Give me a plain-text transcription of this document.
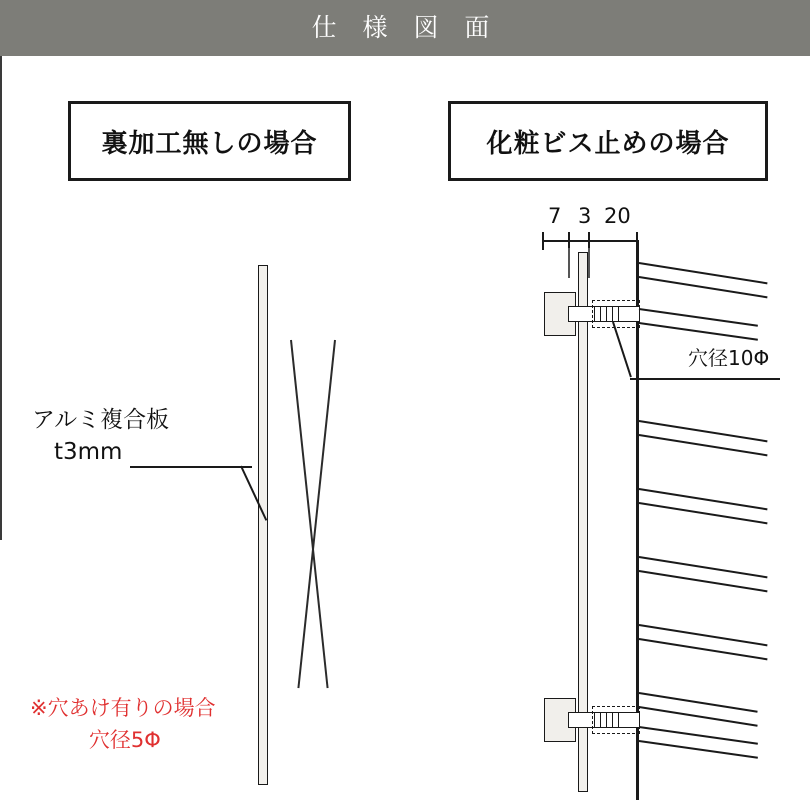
仕 様 図 面
裏加工無しの場合	化粧ビス止めの場合
アルミ複合板
t3mm
※穴あけ有りの場合
穴径5Φ
7 3 20
穴径10Φ
